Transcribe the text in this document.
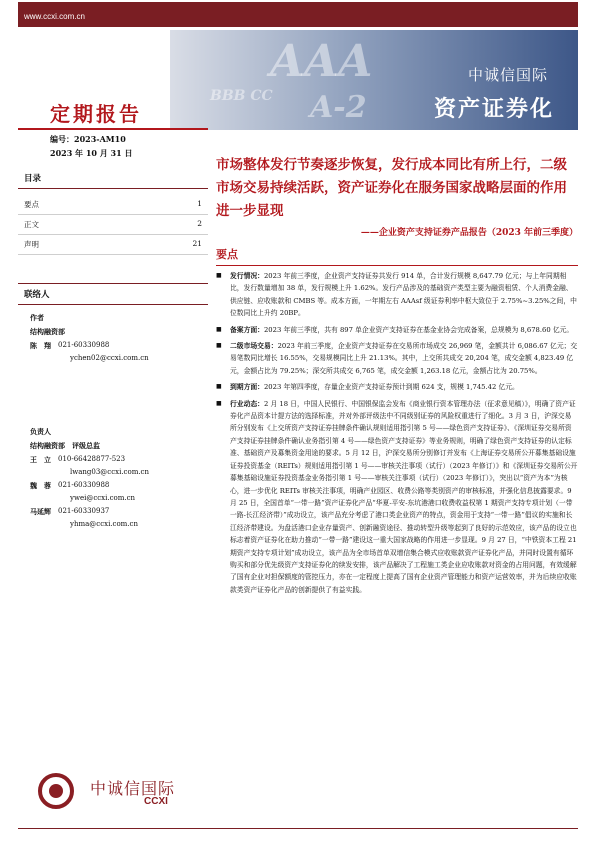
www.ccxi.com.cn
AAA
BBB CC A-2
中诚信国际
资产证券化
定期报告
编号：2023-AM10
2023 年 10 月 31 日
目录
要点	1
正文	2
声明	21
联络人
作者
结构融资部
陈　翔	021-60330988
ychen02@ccxi.com.cn
负责人
结构融资部　评级总监
王　立	010-66428877-523
lwang03@ccxi.com.cn
魏　蓉	021-60330988
ywei@ccxi.com.cn
马延辉	021-60330937
yhma@ccxi.com.cn
市场整体发行节奏逐步恢复，发行成本同比有所上行，二级市场交易持续活跃，资产证券化在服务国家战略层面的作用进一步显现
——企业资产支持证券产品报告（2023 年前三季度）
要点
■	发行情况：2023 年前三季度，企业资产支持证券共发行 914 单，合计发行规模 8,647.79 亿元；与上年同期相比，发行数量增加 38 单，发行规模上升 1.62%。发行产品涉及的基础资产类型主要为融资租赁、个人消费金融、供应链、应收账款和 CMBS 等。成本方面，一年期左右 AAAsf 级证券利率中枢大致位于 2.75%~3.25%之间，中位数同比上升约 20BP。
■	备案方面：2023 年前三季度，共有 897 单企业资产支持证券在基金业协会完成备案，总规模为 8,678.60 亿元。
■	二级市场交易：2023 年前三季度，企业资产支持证券在交易所市场成交 26,969 笔，金额共计 6,086.67 亿元；交易笔数同比增长 16.55%，交易规模同比上升 21.13%。其中，上交所共成交 20,204 笔，成交金额 4,823.49 亿元，金额占比为 79.25%；深交所共成交 6,765 笔，成交金额 1,263.18 亿元，金额占比为 20.75%。
■	到期方面：2023 年第四季度，存量企业资产支持证券预计到期 624 支，规模 1,745.42 亿元。
■	行业动态：2 月 18 日，中国人民银行、中国银保监会发布《商业银行资本管理办法（征求意见稿）》，明确了资产证券化产品资本计提方法的选择标准，并对外部评级法中不同级别证券的风险权重进行了细化。3 月 3 日，沪深交易所分别发布《上交所资产支持证券挂牌条件确认规则适用指引第 5 号——绿色资产支持证券》、《深圳证券交易所资产支持证券挂牌条件确认业务指引第 4 号——绿色资产支持证券》等业务规则，明确了绿色资产支持证券的认定标准、基础资产及募集资金用途的要求。5 月 12 日，沪深交易所分别修订并发布《上海证券交易所公开募集基础设施证券投资基金（REITs）规则适用指引第 1 号——审核关注事项（试行）（2023 年修订）》和《深圳证券交易所公开募集基础设施证券投资基金业务指引第 1 号——审核关注事项（试行）（2023 年修订）》，突出以“资产为本”为核心，进一步优化 REITs 审核关注事项，明确产业园区、收费公路等类别资产的审核标准，并强化信息披露要求。9 月 25 日，全国首单“一带一路”资产证券化产品“华夏-平安-东坑港港口收费收益权第 1 期资产支持专项计划（一带一路-长江经济带）”成功设立，该产品充分考虑了港口类企业资产的特点，资金用于支持“一带一路”倡议的实施和长江经济带建设。为盘活港口企业存量资产、创新融资途径、推动转型升级等起到了良好的示范效应，该产品的设立也标志着资产证券化在助力推动“一带一路”建设这一重大国家战略的作用进一步显现。9 月 27 日，“中铁资本工程 21 期资产支持专项计划”成功设立，该产品为全市场首单双增信集合模式应收账款资产证券化产品，并同时设置有循环购买和部分优先级资产支持证券化的续发安排，该产品解决了工程施工类企业应收账款对资金的占用问题，有效缓解了国有企业对担保额度的管控压力，亦在一定程度上提高了国有企业资产管理能力和资产运营效率，并为后续应收账款类资产证券化产品的创新提供了有益实践。
中诚信国际
CCXI
